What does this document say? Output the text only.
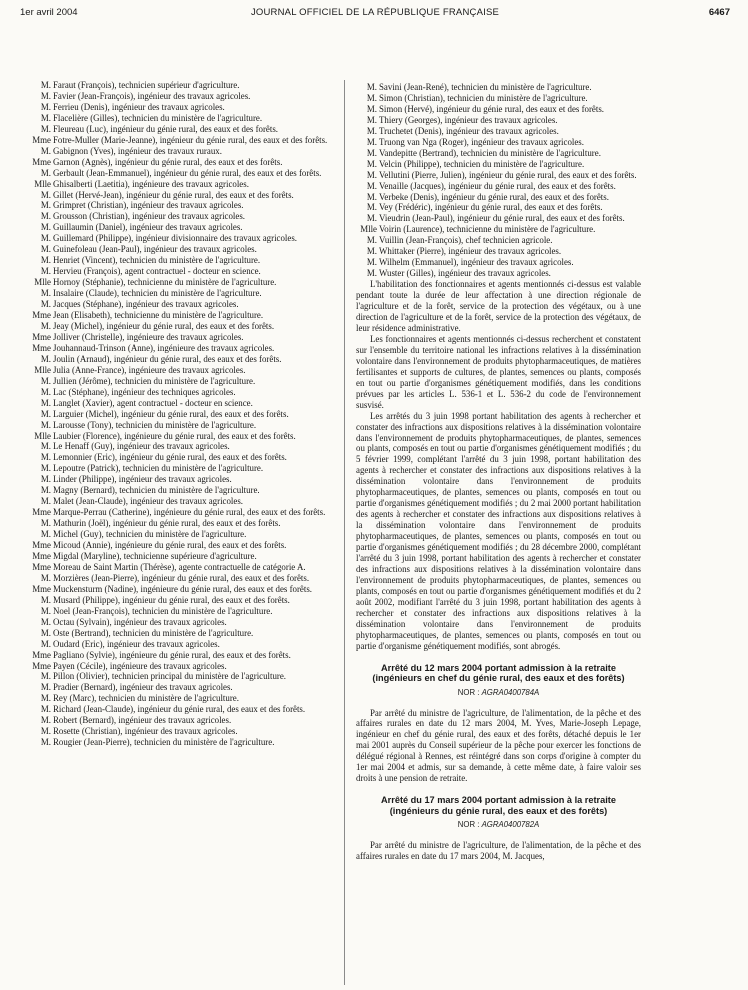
1er avril 2004	JOURNAL OFFICIEL DE LA RÉPUBLIQUE FRANÇAISE	6467
M. Faraut (François), technicien supérieur d'agriculture.
M. Favier (Jean-François), ingénieur des travaux agricoles.
M. Ferrieu (Denis), ingénieur des travaux agricoles.
M. Flacelière (Gilles), technicien du ministère de l'agriculture.
M. Fleureau (Luc), ingénieur du génie rural, des eaux et des forêts.
Mme Fotre-Muller (Marie-Jeanne), ingénieur du génie rural, des eaux et des forêts.
M. Gabignon (Yves), ingénieur des travaux ruraux.
Mme Garnon (Agnès), ingénieur du génie rural, des eaux et des forêts.
M. Gerbault (Jean-Emmanuel), ingénieur du génie rural, des eaux et des forêts.
Mlle Ghisalberti (Laetitia), ingénieure des travaux agricoles.
M. Gillet (Hervé-Jean), ingénieur du génie rural, des eaux et des forêts.
M. Grimpret (Christian), ingénieur des travaux agricoles.
M. Grousson (Christian), ingénieur des travaux agricoles.
M. Guillaumin (Daniel), ingénieur des travaux agricoles.
M. Guillemard (Philippe), ingénieur divisionnaire des travaux agricoles.
M. Guinefoleau (Jean-Paul), ingénieur des travaux agricoles.
M. Henriet (Vincent), technicien du ministère de l'agriculture.
M. Hervieu (François), agent contractuel - docteur en science.
Mlle Hornoy (Stéphanie), technicienne du ministère de l'agriculture.
M. Insalaire (Claude), technicien du ministère de l'agriculture.
M. Jacques (Stéphane), ingénieur des travaux agricoles.
Mme Jean (Elisabeth), technicienne du ministère de l'agriculture.
M. Jeay (Michel), ingénieur du génie rural, des eaux et des forêts.
Mme Jolliver (Christelle), ingénieure des travaux agricoles.
Mme Jouhannaud-Trinson (Anne), ingénieure des travaux agricoles.
M. Joulin (Arnaud), ingénieur du génie rural, des eaux et des forêts.
Mlle Julia (Anne-France), ingénieure des travaux agricoles.
M. Jullien (Jérôme), technicien du ministère de l'agriculture.
M. Lac (Stéphane), ingénieur des techniques agricoles.
M. Langlet (Xavier), agent contractuel - docteur en science.
M. Larguier (Michel), ingénieur du génie rural, des eaux et des forêts.
M. Larousse (Tony), technicien du ministère de l'agriculture.
Mlle Laubier (Florence), ingénieure du génie rural, des eaux et des forêts.
M. Le Henaff (Guy), ingénieur des travaux agricoles.
M. Lemonnier (Eric), ingénieur du génie rural, des eaux et des forêts.
M. Lepoutre (Patrick), technicien du ministère de l'agriculture.
M. Linder (Philippe), ingénieur des travaux agricoles.
M. Magny (Bernard), technicien du ministère de l'agriculture.
M. Malet (Jean-Claude), ingénieur des travaux agricoles.
Mme Marque-Perrau (Catherine), ingénieure du génie rural, des eaux et des forêts.
M. Mathurin (Joël), ingénieur du génie rural, des eaux et des forêts.
M. Michel (Guy), technicien du ministère de l'agriculture.
Mme Micoud (Annie), ingénieure du génie rural, des eaux et des forêts.
Mme Migdal (Maryline), technicienne supérieure d'agriculture.
Mme Moreau de Saint Martin (Thérèse), agente contractuelle de catégorie A.
M. Morzières (Jean-Pierre), ingénieur du génie rural, des eaux et des forêts.
Mme Muckensturm (Nadine), ingénieure du génie rural, des eaux et des forêts.
M. Musard (Philippe), ingénieur du génie rural, des eaux et des forêts.
M. Noel (Jean-François), technicien du ministère de l'agriculture.
M. Octau (Sylvain), ingénieur des travaux agricoles.
M. Oste (Bertrand), technicien du ministère de l'agriculture.
M. Oudard (Eric), ingénieur des travaux agricoles.
Mme Pagliano (Sylvie), ingénieure du génie rural, des eaux et des forêts.
Mme Payen (Cécile), ingénieure des travaux agricoles.
M. Pillon (Olivier), technicien principal du ministère de l'agriculture.
M. Pradier (Bernard), ingénieur des travaux agricoles.
M. Rey (Marc), technicien du ministère de l'agriculture.
M. Richard (Jean-Claude), ingénieur du génie rural, des eaux et des forêts.
M. Robert (Bernard), ingénieur des travaux agricoles.
M. Rosette (Christian), ingénieur des travaux agricoles.
M. Rougier (Jean-Pierre), technicien du ministère de l'agriculture.
M. Savini (Jean-René), technicien du ministère de l'agriculture.
M. Simon (Christian), technicien du ministère de l'agriculture.
M. Simon (Hervé), ingénieur du génie rural, des eaux et des forêts.
M. Thiery (Georges), ingénieur des travaux agricoles.
M. Truchetet (Denis), ingénieur des travaux agricoles.
M. Truong van Nga (Roger), ingénieur des travaux agricoles.
M. Vandepitte (Bertrand), technicien du ministère de l'agriculture.
M. Velcin (Philippe), technicien du ministère de l'agriculture.
M. Vellutini (Pierre, Julien), ingénieur du génie rural, des eaux et des forêts.
M. Venaille (Jacques), ingénieur du génie rural, des eaux et des forêts.
M. Verbeke (Denis), ingénieur du génie rural, des eaux et des forêts.
M. Vey (Frédéric), ingénieur du génie rural, des eaux et des forêts.
M. Vieudrin (Jean-Paul), ingénieur du génie rural, des eaux et des forêts.
Mlle Voirin (Laurence), technicienne du ministère de l'agriculture.
M. Vuillin (Jean-François), chef technicien agricole.
M. Whittaker (Pierre), ingénieur des travaux agricoles.
M. Wilhelm (Emmanuel), ingénieur des travaux agricoles.
M. Wuster (Gilles), ingénieur des travaux agricoles.

L'habilitation des fonctionnaires et agents mentionnés ci-dessus est valable pendant toute la durée de leur affectation à une direction régionale de l'agriculture et de la forêt, service de la protection des végétaux, ou à une direction de l'agriculture et de la forêt, service de la protection des végétaux, de leur résidence administrative.

Les fonctionnaires et agents mentionnés ci-dessus recherchent et constatent sur l'ensemble du territoire national les infractions relatives à la dissémination volontaire dans l'environnement de produits phytopharmaceutiques, de matières fertilisantes et supports de cultures, de plantes, semences ou plants, composés en tout ou partie d'organismes génétiquement modifiés, dans les conditions prévues par les articles L. 536-1 et L. 536-2 du code de l'environnement susvisé.

Les arrêtés du 3 juin 1998 portant habilitation des agents à rechercher et constater des infractions aux dispositions relatives à la dissémination volontaire dans l'environnement de produits phytopharmaceutiques, de plantes, semences ou plants, composés en tout ou partie d'organismes génétiquement modifiés ; du 5 février 1999, complétant l'arrêté du 3 juin 1998, portant habilitation des agents à rechercher et constater des infractions aux dispositions relatives à la dissémination volontaire dans l'environnement de produits phytopharmaceutiques, de plantes, semences ou plants, composés en tout ou partie d'organismes génétiquement modifiés ; du 2 mai 2000 portant habilitation des agents à rechercher et constater des infractions aux dispositions relatives à la dissémination volontaire dans l'environnement de produits phytopharmaceutiques, de plantes, semences ou plants, composés en tout ou partie d'organismes génétiquement modifiés ; du 28 décembre 2000, complétant l'arrêté du 3 juin 1998, portant habilitation des agents à rechercher et constater des infractions aux dispositions relatives à la dissémination volontaire dans l'environnement de produits phytopharmaceutiques, de plantes, semences ou plants, composés en tout ou partie d'organismes génétiquement modifiés et du 2 août 2002, modifiant l'arrêté du 3 juin 1998, portant habilitation des agents à rechercher et constater des infractions aux dispositions relatives à la dissémination volontaire dans l'environnement de produits phytopharmaceutiques, de plantes, semences ou plants, composés en tout ou partie d'organisme génétiquement modifiés, sont abrogés.

Arrêté du 12 mars 2004 portant admission à la retraite (ingénieurs en chef du génie rural, des eaux et des forêts)
NOR : AGRA0400784A

Par arrêté du ministre de l'agriculture, de l'alimentation, de la pêche et des affaires rurales en date du 12 mars 2004, M. Yves, Marie-Joseph Lepage, ingénieur en chef du génie rural, des eaux et des forêts, détaché depuis le 1er mai 2001 auprès du Conseil supérieur de la pêche pour exercer les fonctions de délégué régional à Rennes, est réintégré dans son corps d'origine à compter du 1er mai 2004 et admis, sur sa demande, à cette même date, à faire valoir ses droits à une pension de retraite.

Arrêté du 17 mars 2004 portant admission à la retraite (ingénieurs du génie rural, des eaux et des forêts)
NOR : AGRA0400782A

Par arrêté du ministre de l'agriculture, de l'alimentation, de la pêche et des affaires rurales en date du 17 mars 2004, M. Jacques,
